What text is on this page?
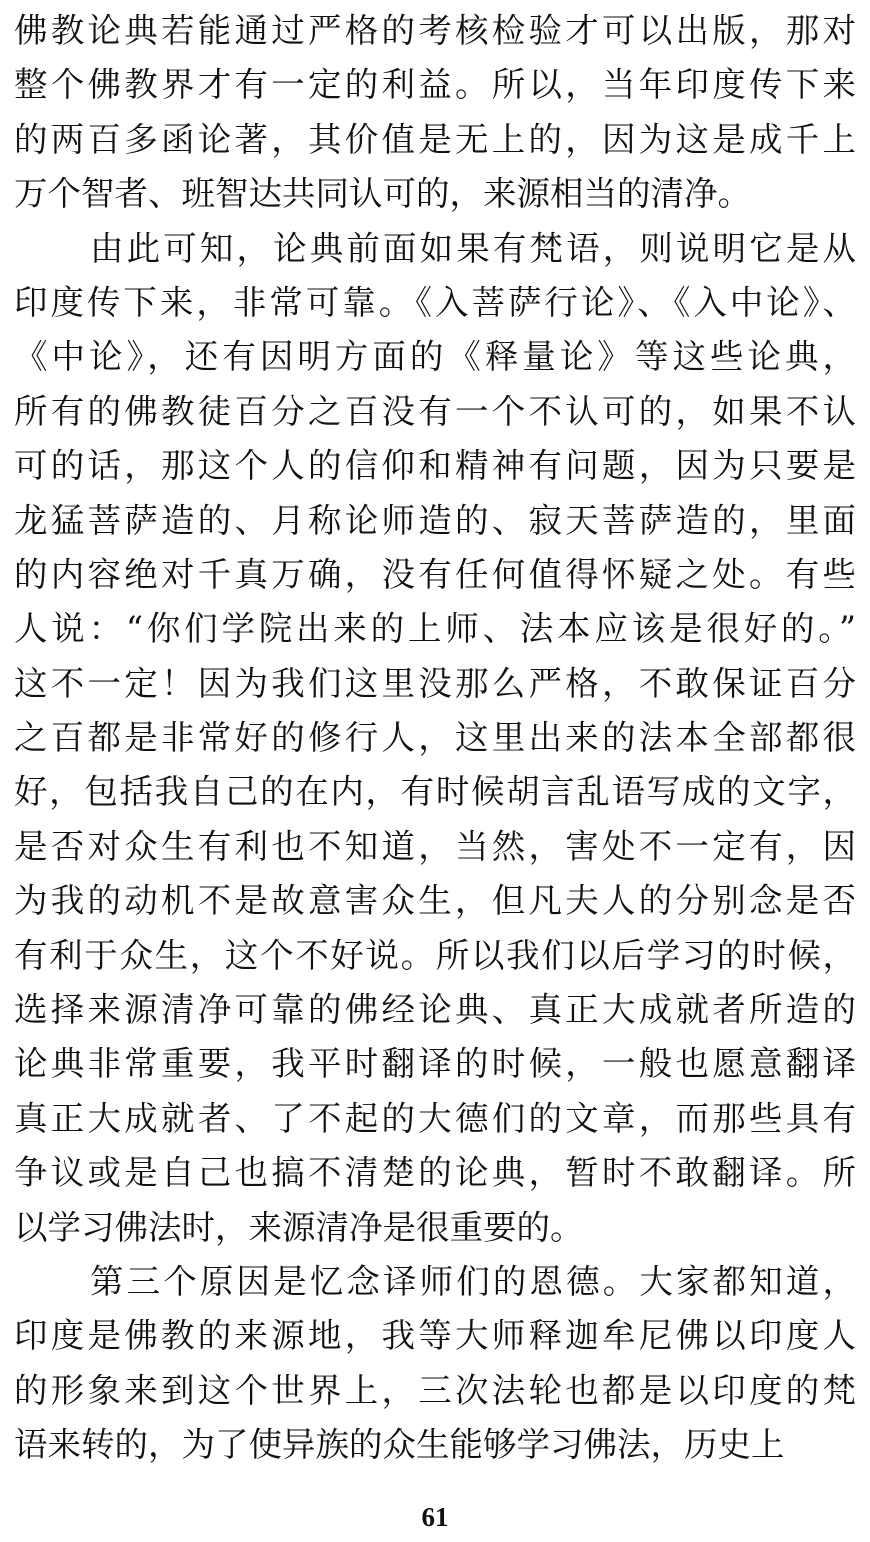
佛教论典若能通过严格的考核检验才可以出版，那对
整个佛教界才有一定的利益。所以，当年印度传下来
的两百多函论著，其价值是无上的，因为这是成千上
万个智者、班智达共同认可的，来源相当的清净。
由此可知，论典前面如果有梵语，则说明它是从
印度传下来，非常可靠。《入菩萨行论》、《入中论》、
《中论》，还有因明方面的《释量论》等这些论典，
所有的佛教徒百分之百没有一个不认可的，如果不认
可的话，那这个人的信仰和精神有问题，因为只要是
龙猛菩萨造的、月称论师造的、寂天菩萨造的，里面
的内容绝对千真万确，没有任何值得怀疑之处。有些
人说：“你们学院出来的上师、法本应该是很好的。”
这不一定！因为我们这里没那么严格，不敢保证百分
之百都是非常好的修行人，这里出来的法本全部都很
好，包括我自己的在内，有时候胡言乱语写成的文字，
是否对众生有利也不知道，当然，害处不一定有，因
为我的动机不是故意害众生，但凡夫人的分别念是否
有利于众生，这个不好说。所以我们以后学习的时候，
选择来源清净可靠的佛经论典、真正大成就者所造的
论典非常重要，我平时翻译的时候，一般也愿意翻译
真正大成就者、了不起的大德们的文章，而那些具有
争议或是自己也搞不清楚的论典，暂时不敢翻译。所
以学习佛法时，来源清净是很重要的。
第三个原因是忆念译师们的恩德。大家都知道，
印度是佛教的来源地，我等大师释迦牟尼佛以印度人
的形象来到这个世界上，三次法轮也都是以印度的梵
语来转的，为了使异族的众生能够学习佛法，历史上
61
